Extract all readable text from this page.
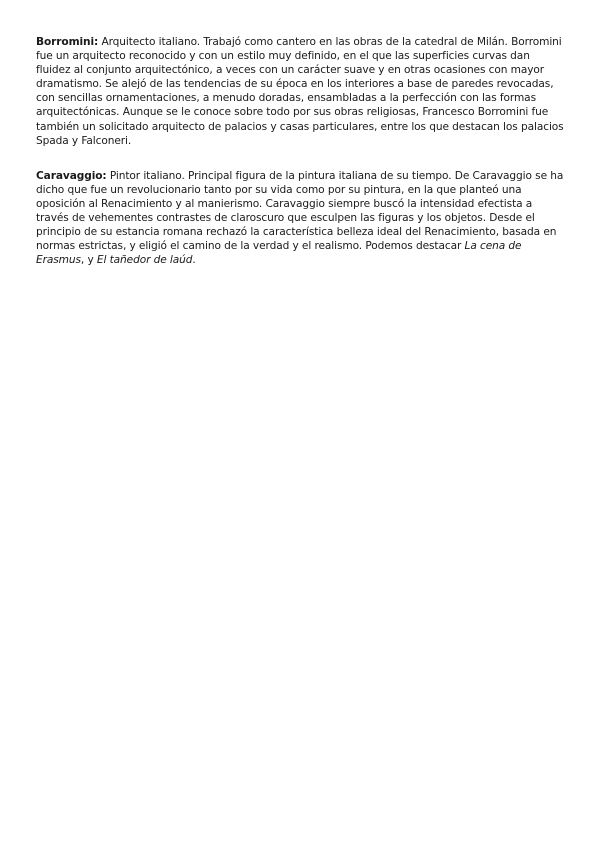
Borromini: Arquitecto italiano. Trabajó como cantero en las obras de la catedral de Milán. Borromini fue un arquitecto reconocido y con un estilo muy definido, en el que las superficies curvas dan fluidez al conjunto arquitectónico, a veces con un carácter suave y en otras ocasiones con mayor dramatismo. Se alejó de las tendencias de su época en los interiores a base de paredes revocadas, con sencillas ornamentaciones, a menudo doradas, ensambladas a la perfección con las formas arquitectónicas. Aunque se le conoce sobre todo por sus obras religiosas, Francesco Borromini fue también un solicitado arquitecto de palacios y casas particulares, entre los que destacan los palacios Spada y Falconeri.

Caravaggio: Pintor italiano. Principal figura de la pintura italiana de su tiempo. De Caravaggio se ha dicho que fue un revolucionario tanto por su vida como por su pintura, en la que planteó una oposición al Renacimiento y al manierismo. Caravaggio siempre buscó la intensidad efectista a través de vehementes contrastes de claroscuro que esculpen las figuras y los objetos. Desde el principio de su estancia romana rechazó la característica belleza ideal del Renacimiento, basada en normas estrictas, y eligió el camino de la verdad y el realismo. Podemos destacar La cena de Erasmus, y El tañedor de laúd.
